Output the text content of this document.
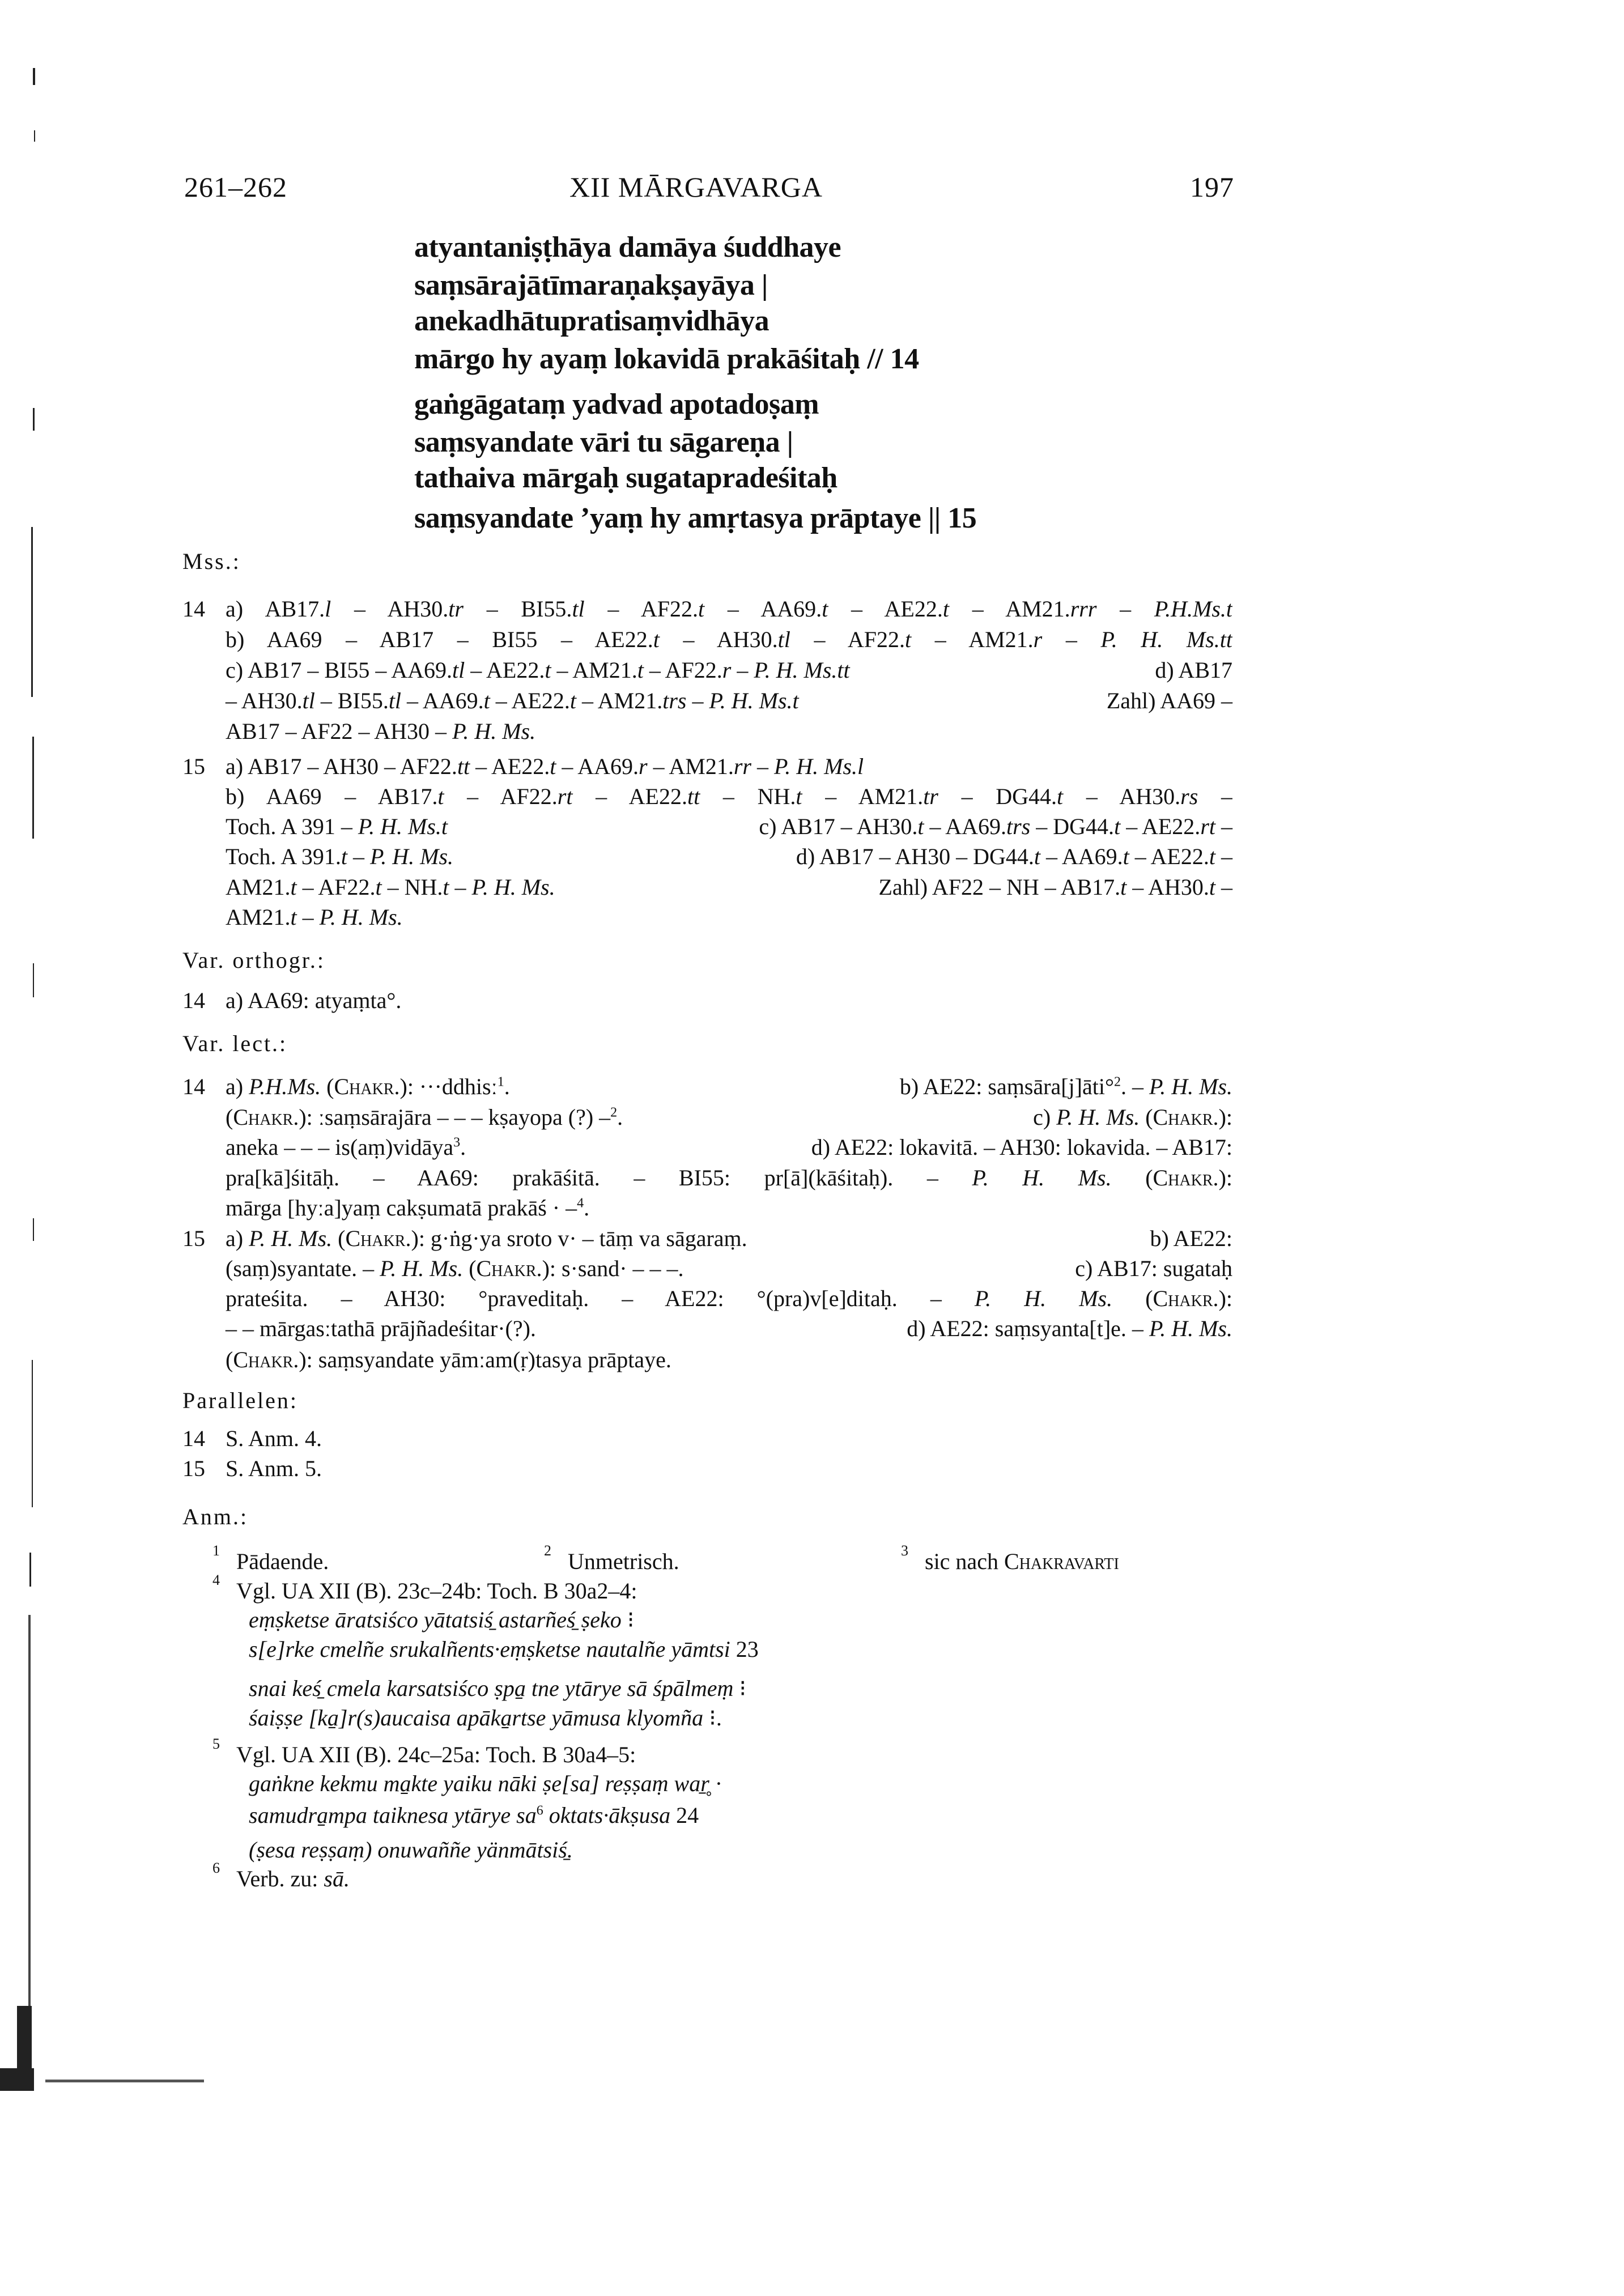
261–262	XII MĀRGAVARGA	197
atyantaniṣṭhāya damāya śuddhaye
saṃsārajātīmaraṇakṣayāya |
anekadhātupratisaṃvidhāya
mārgo hy ayaṃ lokavidā prakāśitaḥ // 14
gaṅgāgataṃ yadvad apotadoṣaṃ
saṃsyandate vāri tu sāgareṇa |
tathaiva mārgaḥ sugatapradeśitaḥ
saṃsyandate ’yaṃ hy amṛtasya prāptaye || 15
Mss.:
14 a) AB17.l – AH30.tr – BI55.tl – AF22.t – AA69.t – AE22.t – AM21.rrr – P.H.Ms.t
b) AA69 – AB17 – BI55 – AE22.t – AH30.tl – AF22.t – AM21.r – P. H. Ms.tt
c) AB17 – BI55 – AA69.tl – AE22.t – AM21.t – AF22.r – P. H. Ms.tt	d) AB17
– AH30.tl – BI55.tl – AA69.t – AE22.t – AM21.trs – P. H. Ms.t	Zahl) AA69 –
AB17 – AF22 – AH30 – P. H. Ms.
15 a) AB17 – AH30 – AF22.tt – AE22.t – AA69.r – AM21.rr – P. H. Ms.l
b) AA69 – AB17.t – AF22.rt – AE22.tt – NH.t – AM21.tr – DG44.t – AH30.rs –
Toch. A 391 – P. H. Ms.t	c) AB17 – AH30.t – AA69.trs – DG44.t – AE22.rt –
Toch. A 391.t – P. H. Ms.	d) AB17 – AH30 – DG44.t – AA69.t – AE22.t –
AM21.t – AF22.t – NH.t – P. H. Ms.	Zahl) AF22 – NH – AB17.t – AH30.t –
AM21.t – P. H. Ms.
Var. orthogr.:
14 a) AA69: atyaṃta°.
Var. lect.:
14 a) P.H.Ms. (Chakr.): ···ddhisː$^1$.	b) AE22: saṃsāra[j]āti°$^2$. – P. H. Ms.
(Chakr.): ːsaṃsārajāra – – – kṣayopa (?) –$^2$.	c) P. H. Ms. (Chakr.):
aneka – – – is(aṃ)vidāya$^3$.	d) AE22: lokavitā. – AH30: lokavida. – AB17:
pra[kā]śitāḥ. – AA69: prakāśitā. – BI55: pr[ā](kāśitaḥ). – P. H. Ms. (Chakr.):
mārga [hyːa]yaṃ cakṣumatā prakāś · –$^4$.
15 a) P. H. Ms. (Chakr.): g·ṅg·ya sroto v· – tāṃ va sāgaraṃ.	b) AE22:
(saṃ)syantate. – P. H. Ms. (Chakr.): s·sand· – – –.	c) AB17: sugataḥ
prateśita. – AH30: °praveditaḥ. – AE22: °(pra)v[e]ditaḥ. – P. H. Ms. (Chakr.):
– – mārgasːtathā prājñadeśitar·(?).	d) AE22: saṃsyanta[t]e. – P. H. Ms.
(Chakr.): saṃsyandate yāmːam(ṛ)tasya prāptaye.
Parallelen:
14 S. Anm. 4.
15 S. Anm. 5.
Anm.:
1 Pādaende.	2 Unmetrisch.	3 sic nach Chakravarti
4 Vgl. UA XII (B). 23c–24b: Toch. B 30a2–4:
eṃṣketse āratsiśco yātatsiś̱ astarñeś̱ ṣeko ⁝
s[e]rke cmelñe srukalñents·eṃṣketse nautalñe yāmtsi 23
snai keś̱ cmela karsatsiśco ṣpa̱ tne ytārye sā śpālmeṃ ⁝
śaiṣṣe [ka̱]r(s)aucaisa apāka̱rtse yāmusa klyomña ⁝.
5 Vgl. UA XII (B). 24c–25a: Toch. B 30a4–5:
gaṅkne kekmu ma̱kte yaiku nāki ṣe[sa] reṣṣaṃ war̥̱ ·
samudra̱mpa taiknesa ytārye $sa^6$ oktats·ākṣusa 24
(ṣesa reṣṣaṃ) onuwaññe yänmātsiś̱.
6 Verb. zu: sā.
